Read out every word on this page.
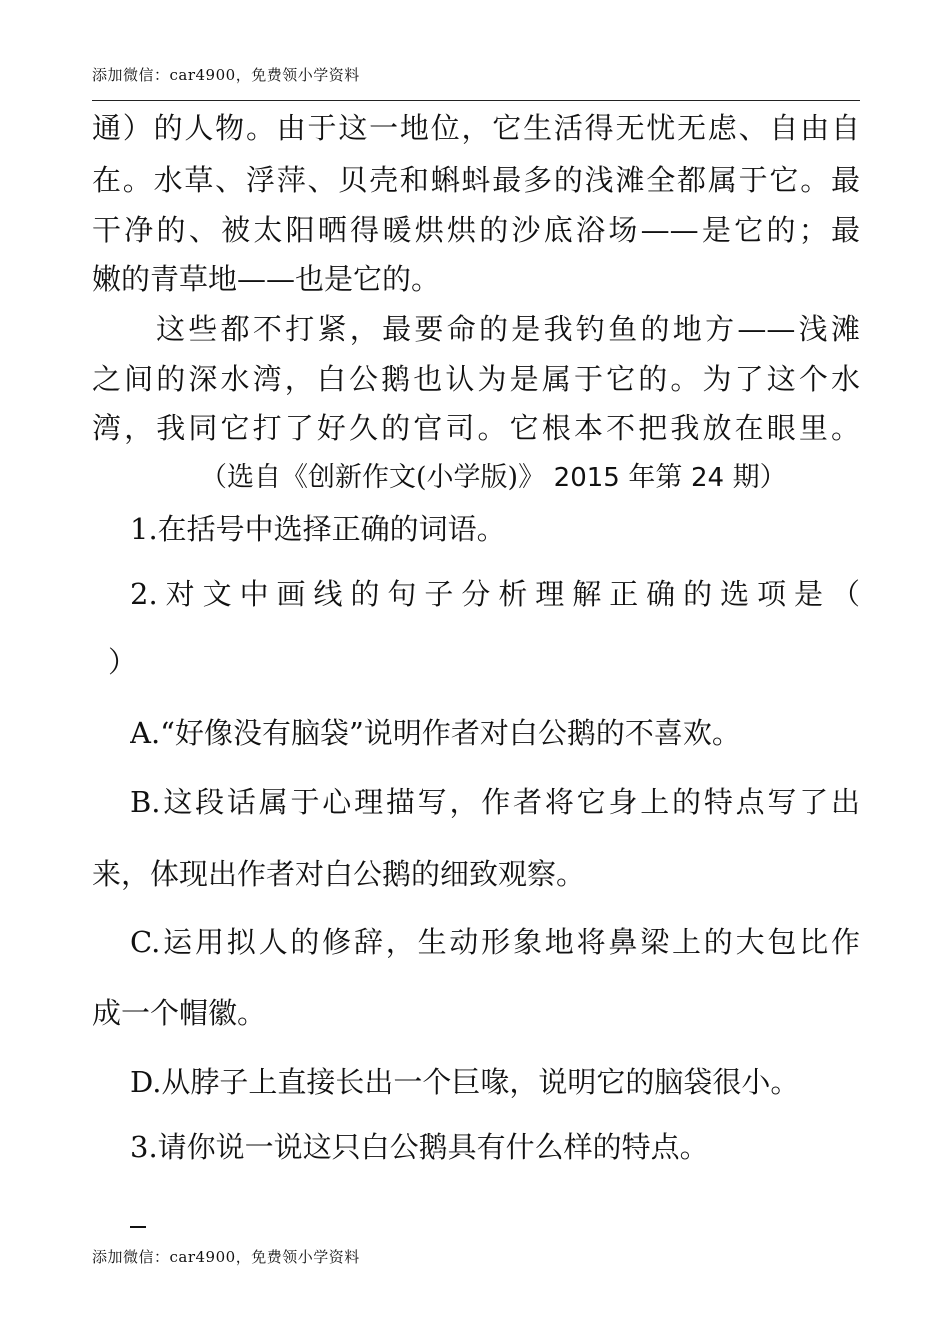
添加微信：car4900，免费领小学资料
通）的人物。由于这一地位，它生活得无忧无虑、自由自
在。水草、浮萍、贝壳和蝌蚪最多的浅滩全都属于它。最
干净的、被太阳晒得暖烘烘的沙底浴场——是它的；最
嫩的青草地——也是它的。
这些都不打紧，最要命的是我钓鱼的地方——浅滩
之间的深水湾，白公鹅也认为是属于它的。为了这个水
湾，我同它打了好久的官司。它根本不把我放在眼里。
（选自《创新作文(小学版)》 2015 年第 24 期）
1.在括号中选择正确的词语。
2.对文中画线的句子分析理解正确的选项是（
）
A.“好像没有脑袋”说明作者对白公鹅的不喜欢。
B.这段话属于心理描写，作者将它身上的特点写了出
来，体现出作者对白公鹅的细致观察。
C.运用拟人的修辞，生动形象地将鼻梁上的大包比作
成一个帽徽。
D.从脖子上直接长出一个巨喙，说明它的脑袋很小。
3.请你说一说这只白公鹅具有什么样的特点。
添加微信：car4900，免费领小学资料
